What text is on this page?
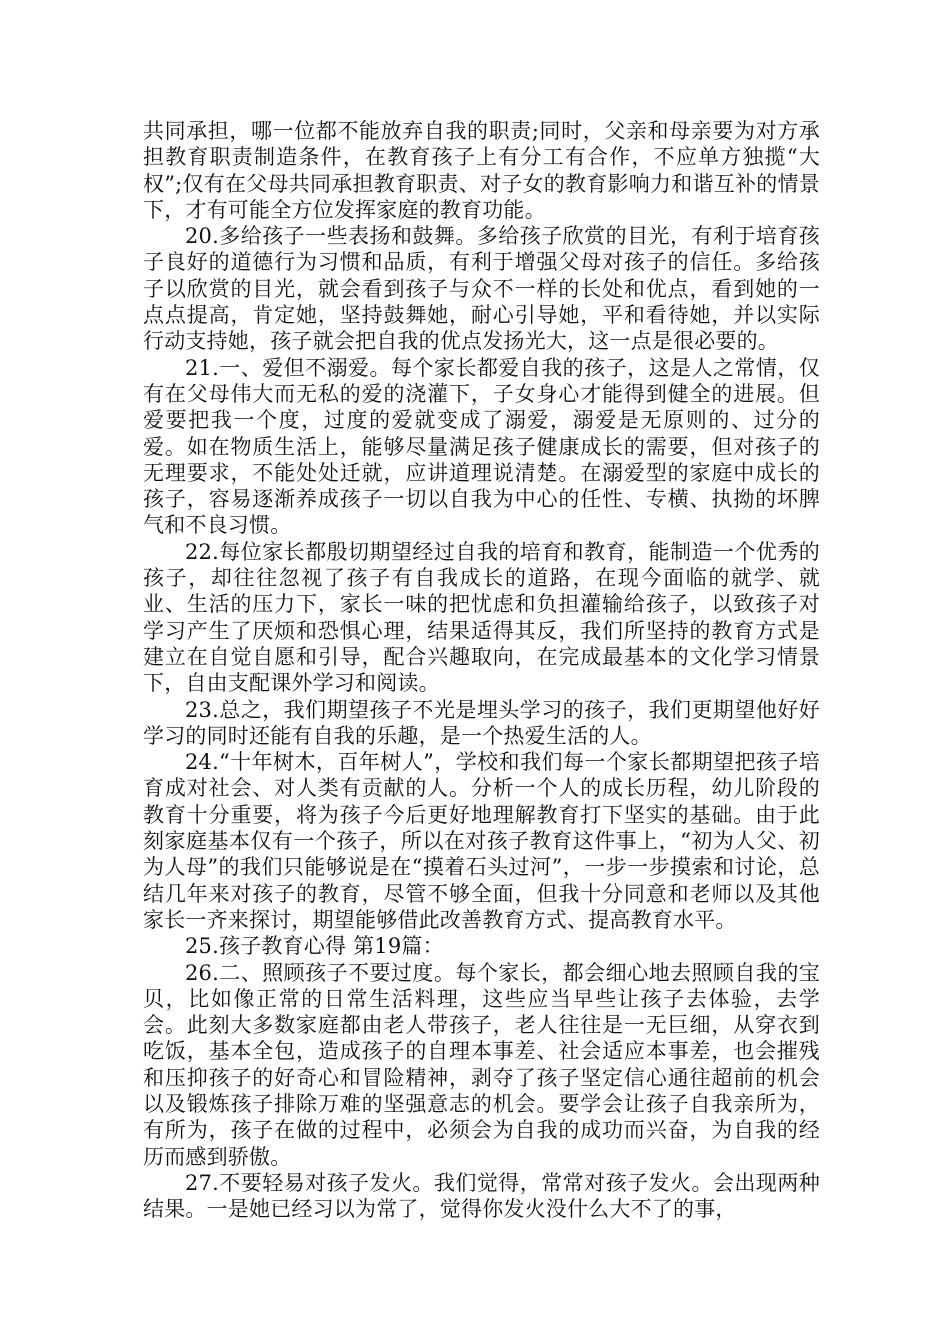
共同承担，哪一位都不能放弃自我的职责;同时，父亲和母亲要为对方承担教育职责制造条件，在教育孩子上有分工有合作，不应单方独揽“大权”;仅有在父母共同承担教育职责、对子女的教育影响力和谐互补的情景下，才有可能全方位发挥家庭的教育功能。

20.多给孩子一些表扬和鼓舞。多给孩子欣赏的目光，有利于培育孩子良好的道德行为习惯和品质，有利于增强父母对孩子的信任。多给孩子以欣赏的目光，就会看到孩子与众不一样的长处和优点，看到她的一点点提高，肯定她，坚持鼓舞她，耐心引导她，平和看待她，并以实际行动支持她，孩子就会把自我的优点发扬光大，这一点是很必要的。

21.一、爱但不溺爱。每个家长都爱自我的孩子，这是人之常情，仅有在父母伟大而无私的爱的浇灌下，子女身心才能得到健全的进展。但爱要把我一个度，过度的爱就变成了溺爱，溺爱是无原则的、过分的爱。如在物质生活上，能够尽量满足孩子健康成长的需要，但对孩子的无理要求，不能处处迁就，应讲道理说清楚。在溺爱型的家庭中成长的孩子，容易逐渐养成孩子一切以自我为中心的任性、专横、执拗的坏脾气和不良习惯。

22.每位家长都殷切期望经过自我的培育和教育，能制造一个优秀的孩子，却往往忽视了孩子有自我成长的道路，在现今面临的就学、就业、生活的压力下，家长一味的把忧虑和负担灌输给孩子，以致孩子对学习产生了厌烦和恐惧心理，结果适得其反，我们所坚持的教育方式是建立在自觉自愿和引导，配合兴趣取向，在完成最基本的文化学习情景下，自由支配课外学习和阅读。

23.总之，我们期望孩子不光是埋头学习的孩子，我们更期望他好好学习的同时还能有自我的乐趣，是一个热爱生活的人。

24.“十年树木，百年树人”，学校和我们每一个家长都期望把孩子培育成对社会、对人类有贡献的人。分析一个人的成长历程，幼儿阶段的教育十分重要，将为孩子今后更好地理解教育打下坚实的基础。由于此刻家庭基本仅有一个孩子，所以在对孩子教育这件事上，“初为人父、初为人母”的我们只能够说是在“摸着石头过河”，一步一步摸索和讨论，总结几年来对孩子的教育，尽管不够全面，但我十分同意和老师以及其他家长一齐来探讨，期望能够借此改善教育方式、提高教育水平。

25.孩子教育心得 第19篇：

26.二、照顾孩子不要过度。每个家长，都会细心地去照顾自我的宝贝，比如像正常的日常生活料理，这些应当早些让孩子去体验，去学会。此刻大多数家庭都由老人带孩子，老人往往是一无巨细，从穿衣到吃饭，基本全包，造成孩子的自理本事差、社会适应本事差，也会摧残和压抑孩子的好奇心和冒险精神，剥夺了孩子坚定信心通往超前的机会以及锻炼孩子排除万难的坚强意志的机会。要学会让孩子自我亲所为，有所为，孩子在做的过程中，必须会为自我的成功而兴奋，为自我的经历而感到骄傲。

27.不要轻易对孩子发火。我们觉得，常常对孩子发火。会出现两种结果。一是她已经习以为常了，觉得你发火没什么大不了的事，
